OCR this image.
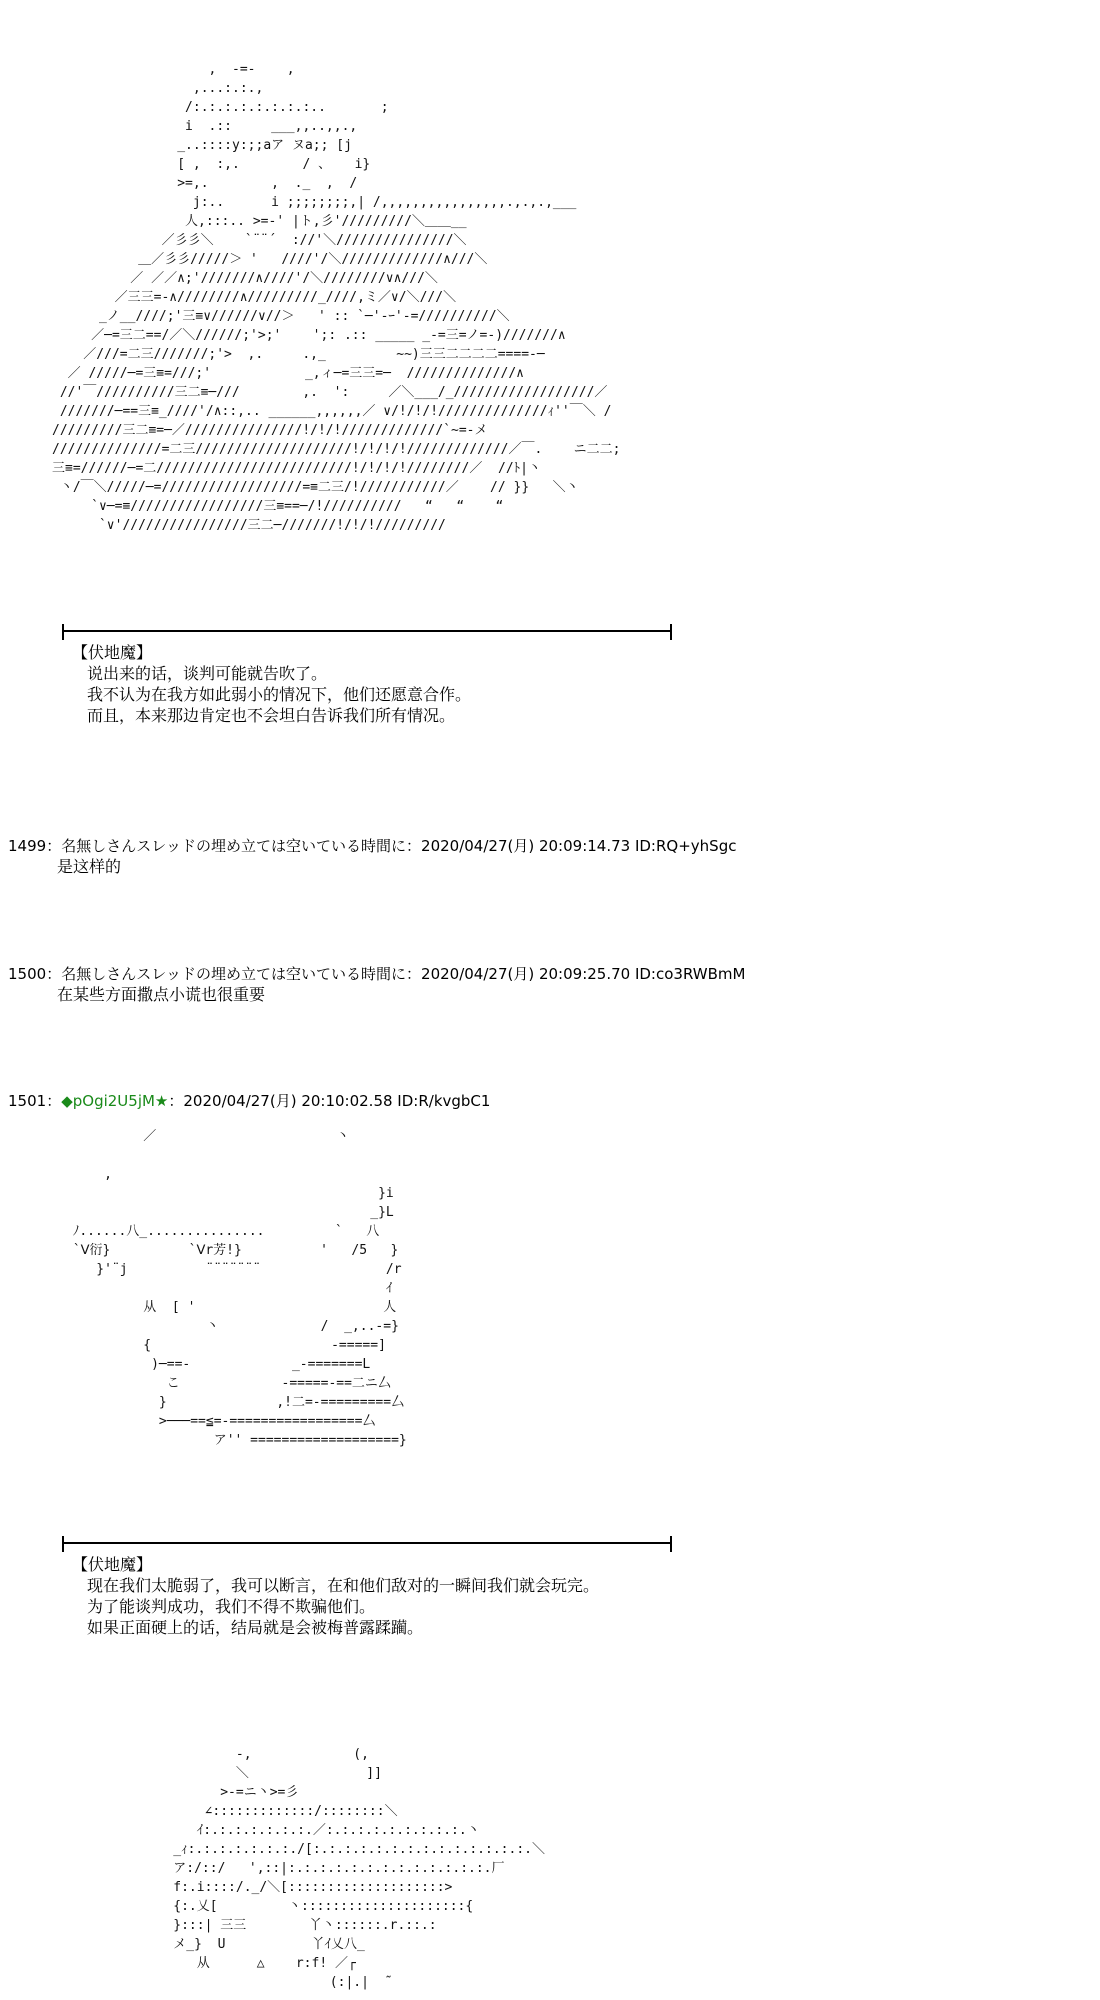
,  -=-    ,
,...:.:.,
/:.:.:.:.:.:.:.:..       ;
i  .::     ___,,..,,.,
_..::::y:;;aア ヌa;; [j
[ ,  :,.        / 、   i}
>=,.        ,  ._  ,  /
j:..      i ;;;;;;;;,| /,,,,,,,,,,,,,,,,.,.,.,___
人,:::.. >=-' |ト,彡'/////////＼＿＿__
／彡彡＼    `¨¨´  ://'＼///////////////＼
＿／彡彡/////＞ '   ////'/＼/////////////∧///＼
／ ／／∧;'///////∧////'/＼////////∨∧///＼
／三三=-∧////////∧/////////_////,ミ／∨/＼///＼
_ノ__////;'三≡∨//////∨//＞   ' :: `─'-ｰ'-=//////////＼
／─=三二==/／＼//////;'>;'    ';: .:: _____ _-=三=ノ=-)///////∧
／///=二三///////;'>  ,.     .,_         ~~)三三二二二二====-─
／ /////─=三≡=///;'            _,ィ─=三三=─  //////////////∧
//'￣//////////三二≡─///        ,.  ':     ／＼___/_//////////////////／
///////─==三≡_////'/∧::,.. ______,,,,,,／ ∨/!/!/!//////////////ｨ''￣＼ /
/////////三二≡=─／///////////////!/!/!/////////////`~=-メ
//////////////=二三////////////////////!/!/!/!/////////////／￣.    ニ二二;
三≡=//////─=二/////////////////////////!/!/!/!////////／  //ﾄ|丶
丶/￣＼/////─=//////////////////=≡二三/!///////////／    // }}   ＼丶
`∨─=≡/////////////////三≡==─/!//////////   “   “    “
`∨'////////////////三二─///////!/!/!/////////
【伏地魔】
说出来的话，谈判可能就告吹了。
我不认为在我方如此弱小的情况下，他们还愿意合作。
而且，本来那边肯定也不会坦白告诉我们所有情况。
1499：名無しさんスレッドの埋め立ては空いている時間に：2020/04/27(月) 20:09:14.73 ID:RQ+yhSgc
是这样的
1500：名無しさんスレッドの埋め立ては空いている時間に：2020/04/27(月) 20:09:25.70 ID:co3RWBmM
在某些方面撒点小谎也很重要
1501：◆pOgi2U5jM★：2020/04/27(月) 20:10:02.58 ID:R/kvgbC1
／                       丶

,
}i
_}L
ﾉ......八_...............         `   八
`Ⅴ衍}          `Ⅴr芳!}          '   /5   }
}'¨j          ¨¨¨¨¨¨¨                /r
ｲ
从  [ '                        人
丶             /  _,..-=}
{                       -=====]
)─==-             _-=======L
こ             -=====-==二ニ厶
}              ,!二=-=========厶
>───==≦=-=================厶
ア'' ===================}
【伏地魔】
现在我们太脆弱了，我可以断言，在和他们敌对的一瞬间我们就会玩完。
为了能谈判成功，我们不得不欺骗他们。
如果正面硬上的话，结局就是会被梅普露蹂躏。
-,             (,
＼               ]]
>-=ニ丶>=彡
∠:::::::::::::/::::::::＼
ｲ:.:.:.:.:.:.:.／:.:.:.:.:.:.:.:.:.丶
_ｨ:.:.:.:.:.:.:./[:.:.:.:.:.:.:.:.:.:.:.:.:.:.＼
ア:/::/   ',::|:.:.:.:.:.:.:.:.:.:.:.:.:.厂
f:.i::::/._/＼[::::::::::::::::::::>
{:.乂[         丶:::::::::::::::::::::{
}:::| 三三        丫丶::::::.r.::.:
メ_}  U           丫ｲ乂八_
从      △    r:f! ／┌
(:|.|  ˜
